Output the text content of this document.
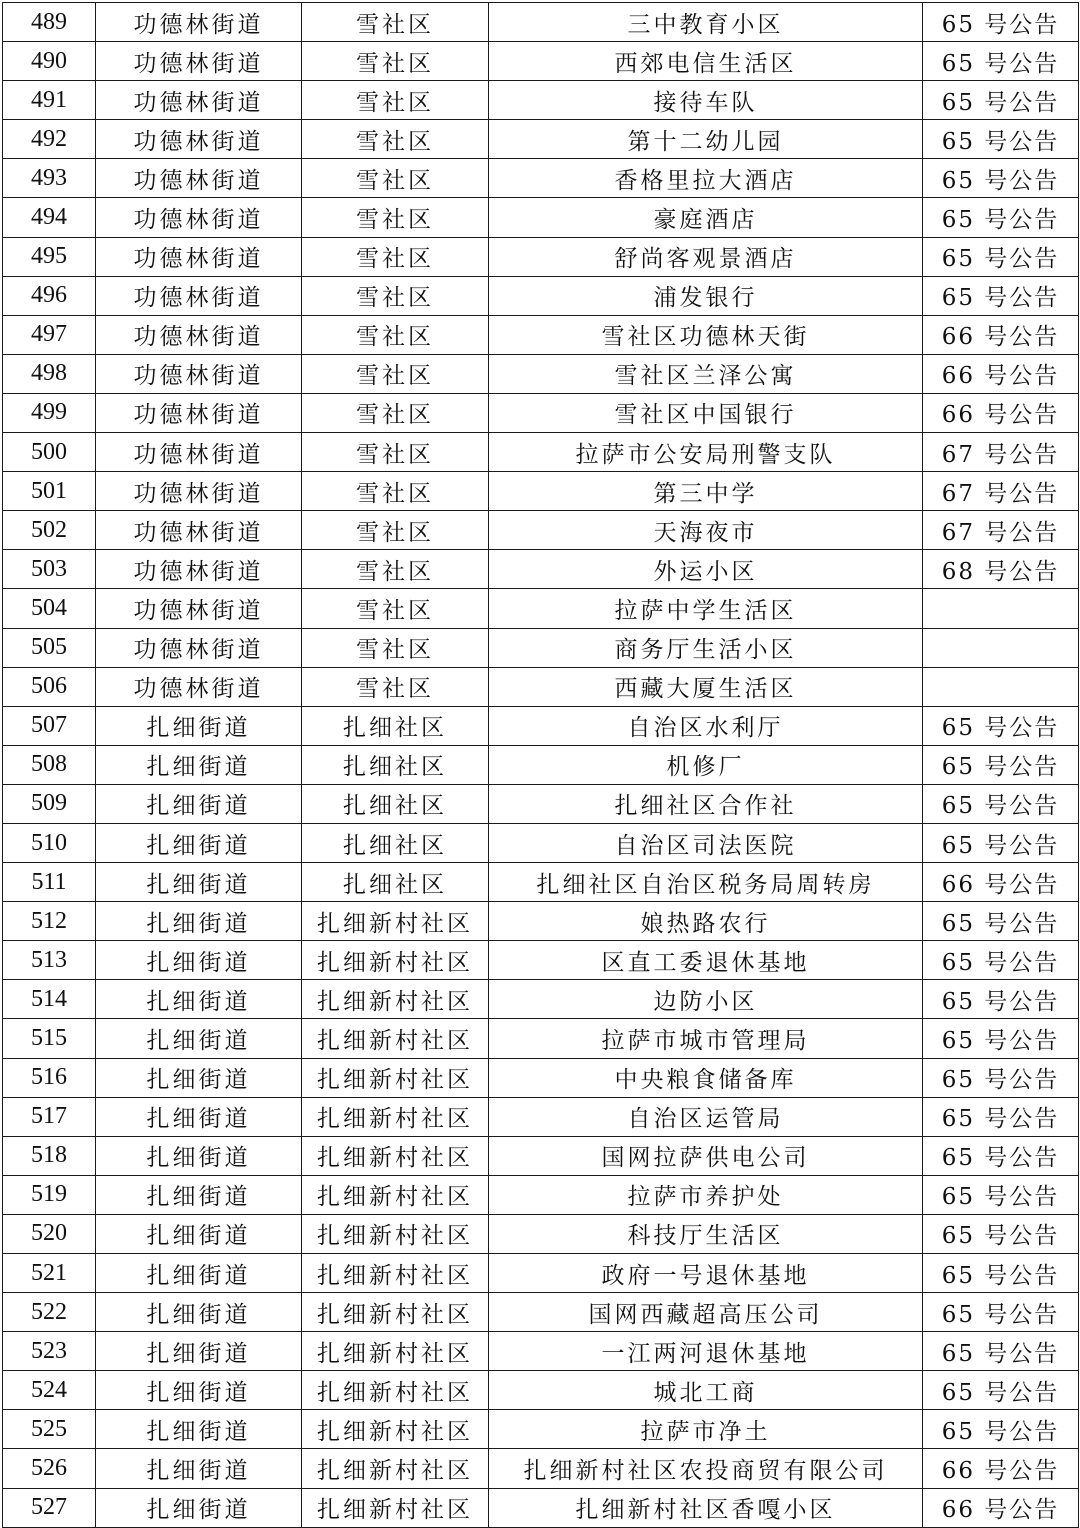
489	功德林街道	雪社区	三中教育小区	65 号公告
490	功德林街道	雪社区	西郊电信生活区	65 号公告
491	功德林街道	雪社区	接待车队	65 号公告
492	功德林街道	雪社区	第十二幼儿园	65 号公告
493	功德林街道	雪社区	香格里拉大酒店	65 号公告
494	功德林街道	雪社区	豪庭酒店	65 号公告
495	功德林街道	雪社区	舒尚客观景酒店	65 号公告
496	功德林街道	雪社区	浦发银行	65 号公告
497	功德林街道	雪社区	雪社区功德林天街	66 号公告
498	功德林街道	雪社区	雪社区兰泽公寓	66 号公告
499	功德林街道	雪社区	雪社区中国银行	66 号公告
500	功德林街道	雪社区	拉萨市公安局刑警支队	67 号公告
501	功德林街道	雪社区	第三中学	67 号公告
502	功德林街道	雪社区	天海夜市	67 号公告
503	功德林街道	雪社区	外运小区	68 号公告
504	功德林街道	雪社区	拉萨中学生活区	
505	功德林街道	雪社区	商务厅生活小区	
506	功德林街道	雪社区	西藏大厦生活区	
507	扎细街道	扎细社区	自治区水利厅	65 号公告
508	扎细街道	扎细社区	机修厂	65 号公告
509	扎细街道	扎细社区	扎细社区合作社	65 号公告
510	扎细街道	扎细社区	自治区司法医院	65 号公告
511	扎细街道	扎细社区	扎细社区自治区税务局周转房	66 号公告
512	扎细街道	扎细新村社区	娘热路农行	65 号公告
513	扎细街道	扎细新村社区	区直工委退休基地	65 号公告
514	扎细街道	扎细新村社区	边防小区	65 号公告
515	扎细街道	扎细新村社区	拉萨市城市管理局	65 号公告
516	扎细街道	扎细新村社区	中央粮食储备库	65 号公告
517	扎细街道	扎细新村社区	自治区运管局	65 号公告
518	扎细街道	扎细新村社区	国网拉萨供电公司	65 号公告
519	扎细街道	扎细新村社区	拉萨市养护处	65 号公告
520	扎细街道	扎细新村社区	科技厅生活区	65 号公告
521	扎细街道	扎细新村社区	政府一号退休基地	65 号公告
522	扎细街道	扎细新村社区	国网西藏超高压公司	65 号公告
523	扎细街道	扎细新村社区	一江两河退休基地	65 号公告
524	扎细街道	扎细新村社区	城北工商	65 号公告
525	扎细街道	扎细新村社区	拉萨市净土	65 号公告
526	扎细街道	扎细新村社区	扎细新村社区农投商贸有限公司	66 号公告
527	扎细街道	扎细新村社区	扎细新村社区香嘎小区	66 号公告
